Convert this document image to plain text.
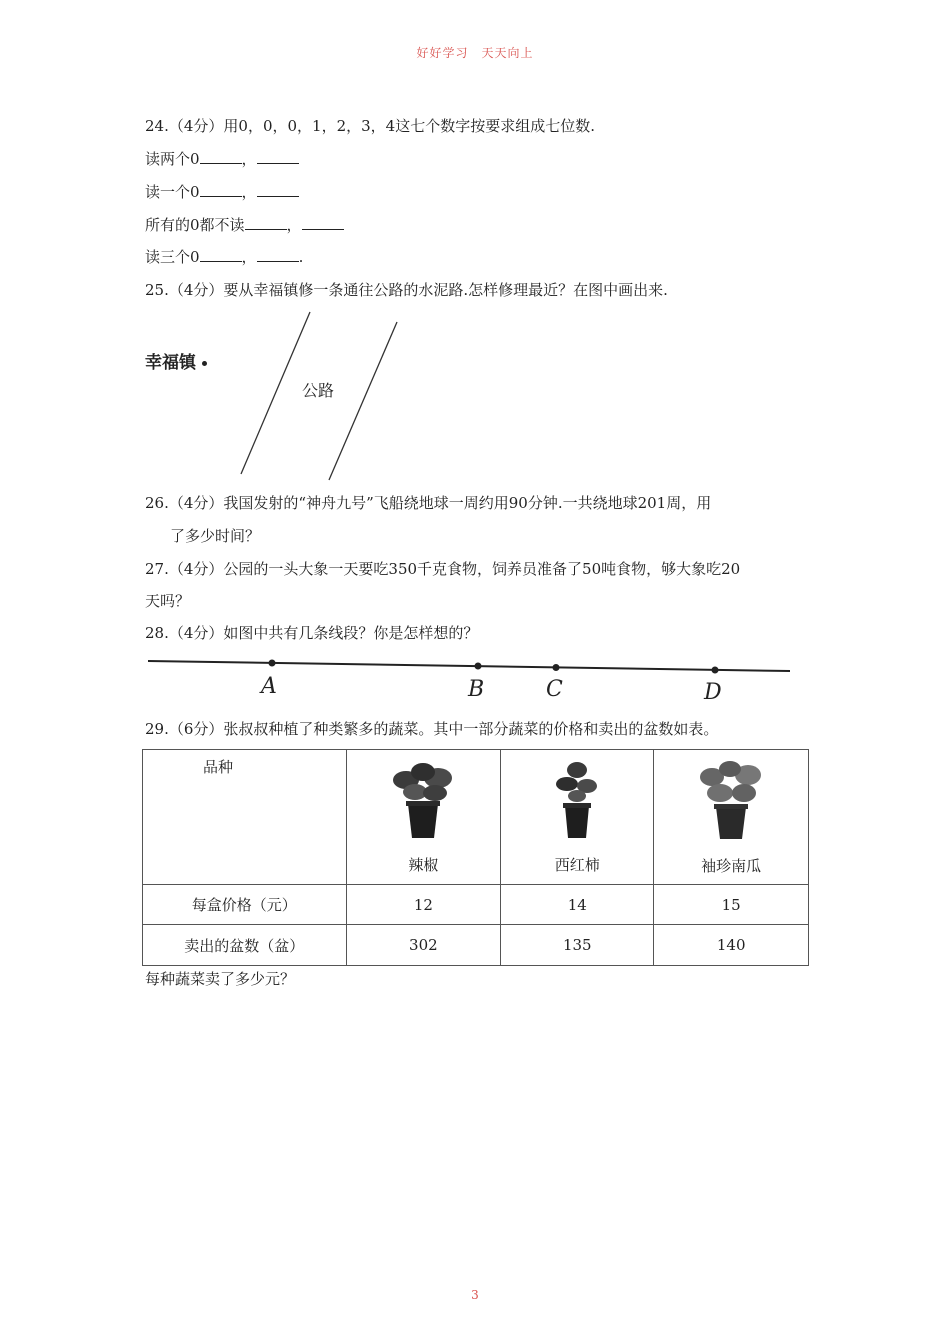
好好学习　天天向上
24.（4分）用0，0，0，1，2，3，4这七个数字按要求组成七位数.
读两个0	，
读一个0	，
所有的0都不读	，
读三个0	，	.
25.（4分）要从幸福镇修一条通往公路的水泥路.怎样修理最近？在图中画出来.
幸福镇
公路
26.（4分）我国发射的“神舟九号”飞船绕地球一周约用90分钟.一共绕地球201周，用
了多少时间？
27.（4分）公园的一头大象一天要吃350千克食物，饲养员准备了50吨食物，够大象吃20
天吗？
28.（4分）如图中共有几条线段？你是怎样想的？
A	B	C	D
29.（6分）张叔叔种植了种类繁多的蔬菜。其中一部分蔬菜的价格和卖出的盆数如表。
品种	辣椒	西红柿	袖珍南瓜

每盒价格（元）	12	14	15
卖出的盆数（盆）	302	135	140
每种蔬菜卖了多少元？
3
